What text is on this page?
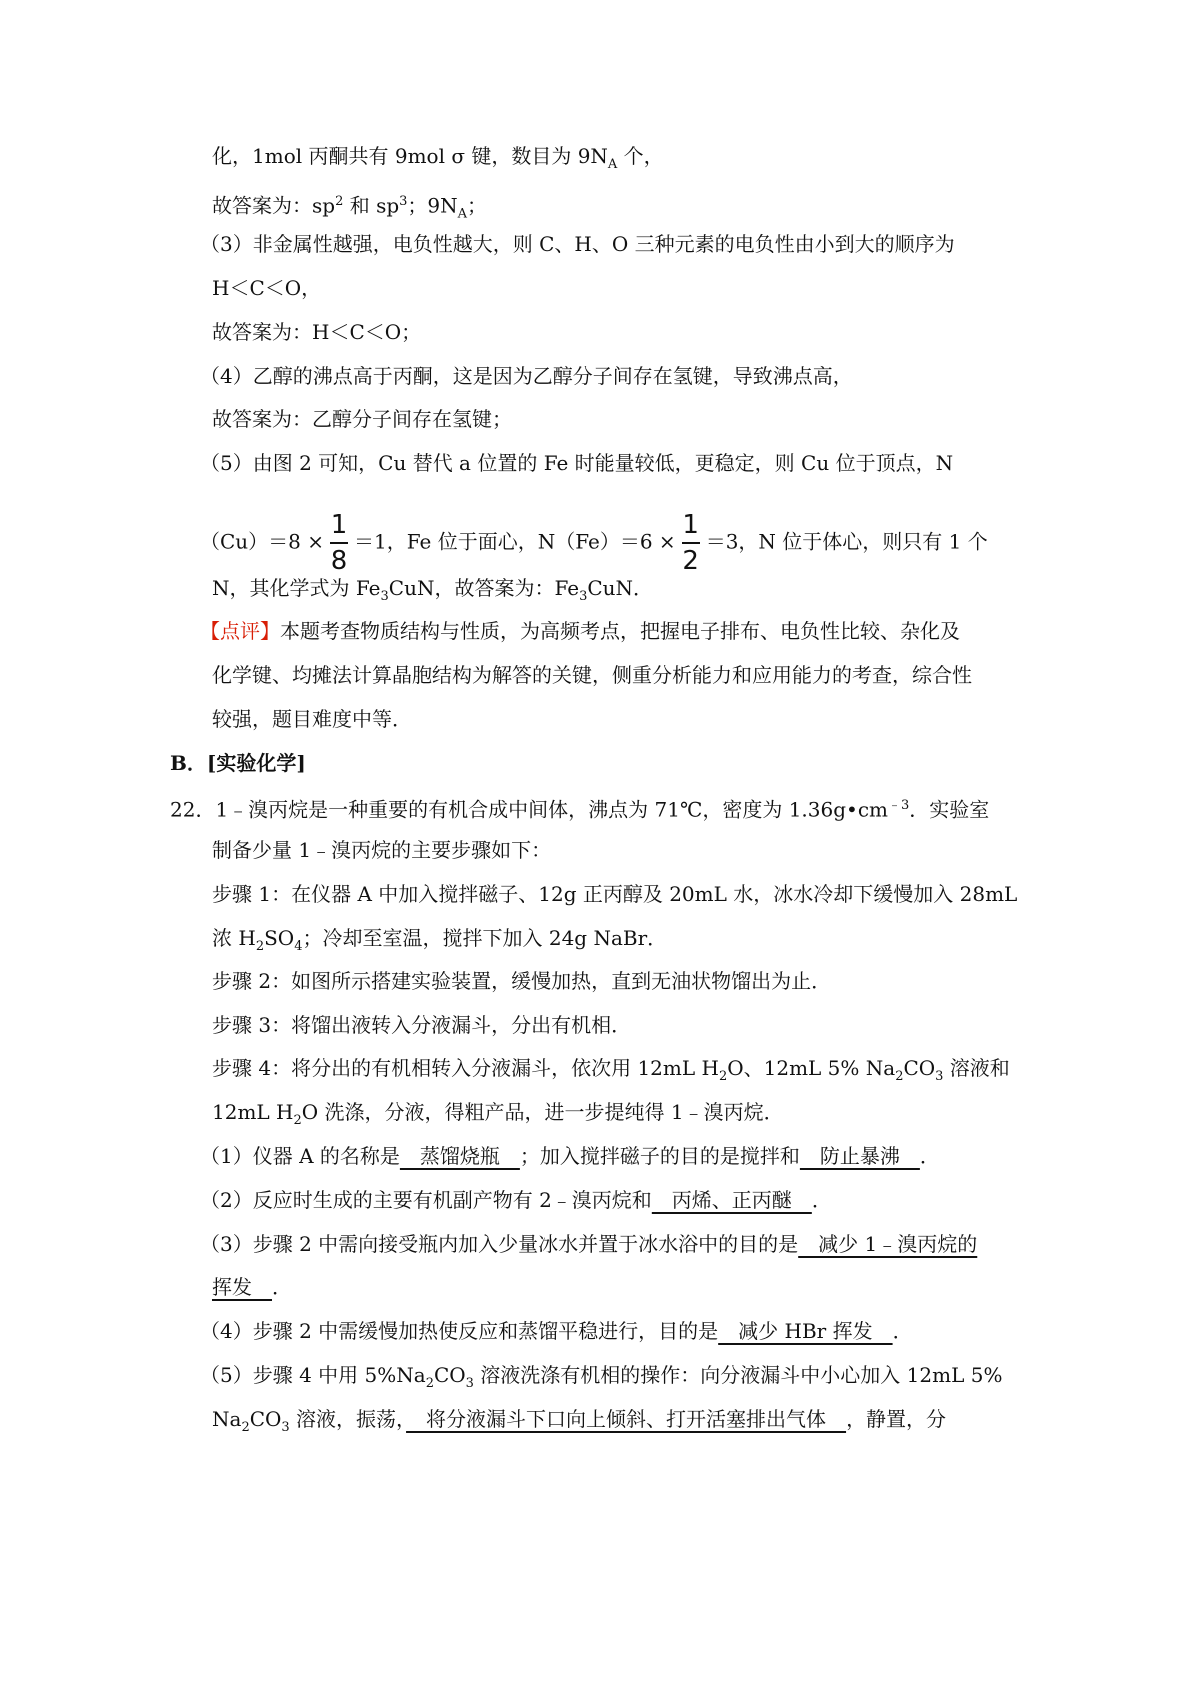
化，1mol 丙酮共有 9mol σ 键，数目为 $9N_A$ 个，
故答案为：$sp^2$ 和 $sp^3$；$9N_A$；
（3）非金属性越强，电负性越大，则 C、H、O 三种元素的电负性由小到大的顺序为
H＜C＜O，
故答案为：H＜C＜O；
（4）乙醇的沸点高于丙酮，这是因为乙醇分子间存在氢键，导致沸点高，
故答案为：乙醇分子间存在氢键；
（5）由图 2 可知，Cu 替代 a 位置的 Fe 时能量较低，更稳定，则 Cu 位于顶点，N
$(Cu)=8 \times \frac{1}{8} =1$，Fe 位于面心，$N(Fe)=6 \times \frac{1}{2} =3$，N 位于体心，则只有 1 个
N，其化学式为 $Fe_3CuN$，故答案为：$Fe_3CuN$．
【点评】本题考查物质结构与性质，为高频考点，把握电子排布、电负性比较、杂化及
化学键、均摊法计算晶胞结构为解答的关键，侧重分析能力和应用能力的考查，综合性
较强，题目难度中等．
B．[实验化学]
22．1﹣溴丙烷是一种重要的有机合成中间体，沸点为 71℃，密度为 $1.36g•cm^{﹣3}$．实验室
制备少量 1﹣溴丙烷的主要步骤如下：
步骤 1：在仪器 A 中加入搅拌磁子、12g 正丙醇及 20mL 水，冰水冷却下缓慢加入 28mL
浓 $H_2SO_4$；冷却至室温，搅拌下加入 24g NaBr．
步骤 2：如图所示搭建实验装置，缓慢加热，直到无油状物馏出为止．
步骤 3：将馏出液转入分液漏斗，分出有机相．
步骤 4：将分出的有机相转入分液漏斗，依次用 12mL $H_2O$、12mL 5% $Na_2CO_3$ 溶液和
12mL $H_2O$ 洗涤，分液，得粗产品，进一步提纯得 1﹣溴丙烷．
（1）仪器 A 的名称是　蒸馏烧瓶　；加入搅拌磁子的目的是搅拌和　防止暴沸　．
（2）反应时生成的主要有机副产物有 2﹣溴丙烷和　丙烯、正丙醚　．
（3）步骤 2 中需向接受瓶内加入少量冰水并置于冰水浴中的目的是　减少 1﹣溴丙烷的
挥发　．
（4）步骤 2 中需缓慢加热使反应和蒸馏平稳进行，目的是　减少 HBr 挥发　．
（5）步骤 4 中用 $5\%Na_2CO_3$ 溶液洗涤有机相的操作：向分液漏斗中小心加入 12mL 5%
$Na_2CO_3$ 溶液，振荡，　将分液漏斗下口向上倾斜、打开活塞排出气体　，静置，分
